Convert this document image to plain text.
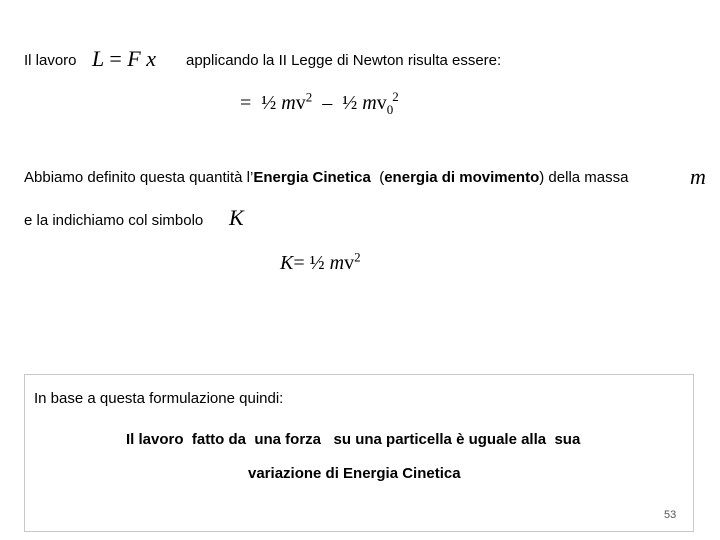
Il lavoro L = F x applicando la II Legge di Newton risulta essere:
= ½ $mv^2$ – ½ $mv_0^2$
Abbiamo definito questa quantità l’Energia Cinetica  (energia di movimento) della massa	m
e la indichiamo col simbolo K
K= ½ $mv^2$
In base a questa formulazione quindi:
Il lavoro  fatto da  una forza   su una particella è uguale alla  sua
variazione di Energia Cinetica
53
